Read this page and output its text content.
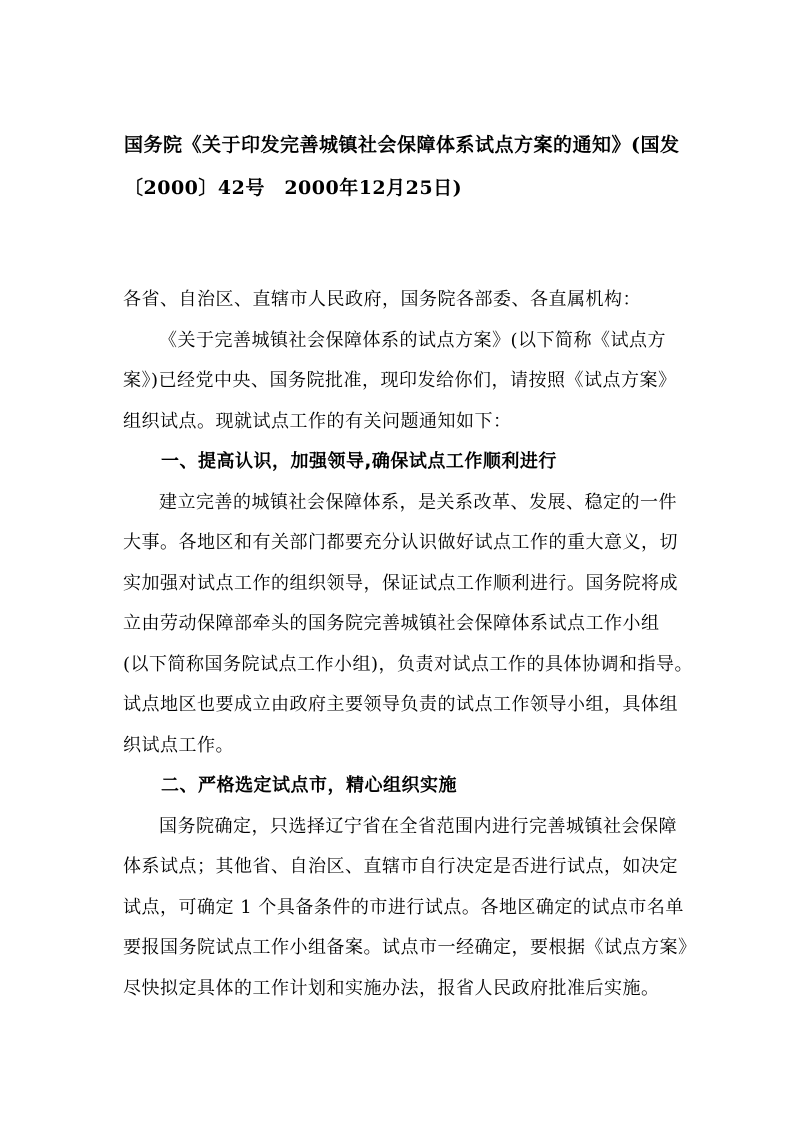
国务院《关于印发完善城镇社会保障体系试点方案的通知》(国发
〔2000〕42号　2000年12月25日)
各省、自治区、直辖市人民政府，国务院各部委、各直属机构：
《关于完善城镇社会保障体系的试点方案》(以下简称《试点方
案》)已经党中央、国务院批准，现印发给你们，请按照《试点方案》
组织试点。现就试点工作的有关问题通知如下：
一、提高认识，加强领导,确保试点工作顺利进行
建立完善的城镇社会保障体系，是关系改革、发展、稳定的一件
大事。各地区和有关部门都要充分认识做好试点工作的重大意义，切
实加强对试点工作的组织领导，保证试点工作顺利进行。国务院将成
立由劳动保障部牵头的国务院完善城镇社会保障体系试点工作小组
(以下简称国务院试点工作小组)，负责对试点工作的具体协调和指导。
试点地区也要成立由政府主要领导负责的试点工作领导小组，具体组
织试点工作。
二、严格选定试点市，精心组织实施
国务院确定，只选择辽宁省在全省范围内进行完善城镇社会保障
体系试点；其他省、自治区、直辖市自行决定是否进行试点，如决定
试点，可确定 1 个具备条件的市进行试点。各地区确定的试点市名单
要报国务院试点工作小组备案。试点市一经确定，要根据《试点方案》
尽快拟定具体的工作计划和实施办法，报省人民政府批准后实施。
